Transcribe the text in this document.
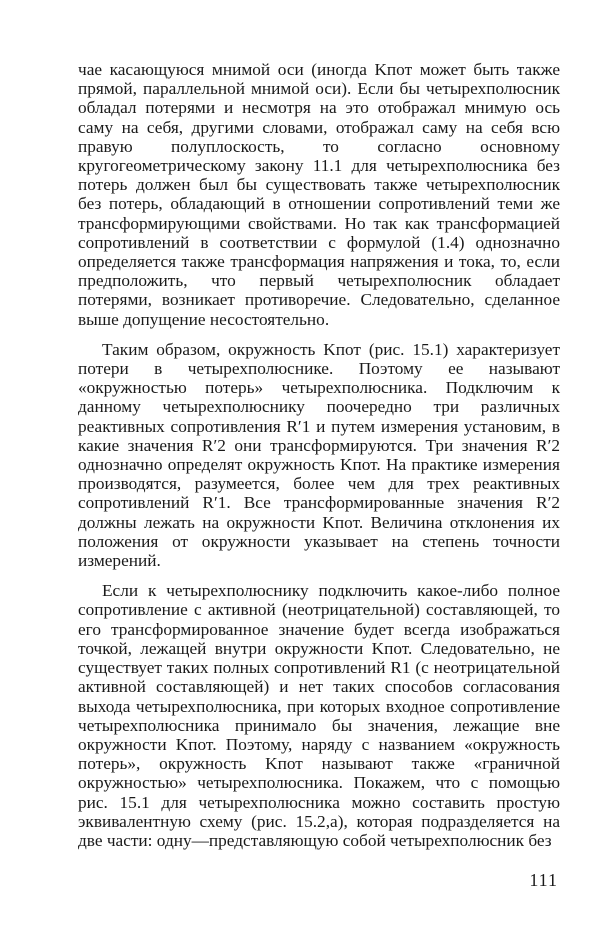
чае касающуюся мнимой оси (иногда Kпот может быть также прямой, параллельной мнимой оси). Если бы четырехполюсник обладал потерями и несмотря на это отображал мнимую ось саму на себя, другими словами, отображал саму на себя всю правую полуплоскость, то согласно основному кругогеометрическому закону 11.1 для четырехполюсника без потерь должен был бы существовать также четырехполюсник без потерь, обладающий в отношении сопротивлений теми же трансформирующими свойствами. Но так как трансформацией сопротивлений в соответствии с формулой (1.4) однозначно определяется также трансформация напряжения и тока, то, если предположить, что первый четырехполюсник обладает потерями, возникает противоречие. Следовательно, сделанное выше допущение несостоятельно.

Таким образом, окружность Kпот (рис. 15.1) характеризует потери в четырехполюснике. Поэтому ее называют «окружностью потерь» четырехполюсника. Подключим к данному четырехполюснику поочередно три различных реактивных сопротивления R′1 и путем измерения установим, в какие значения R′2 они трансформируются. Три значения R′2 однозначно определят окружность Kпот. На практике измерения производятся, разумеется, более чем для трех реактивных сопротивлений R′1. Все трансформированные значения R′2 должны лежать на окружности Kпот. Величина отклонения их положения от окружности указывает на степень точности измерений.

Если к четырехполюснику подключить какое-либо полное сопротивление с активной (неотрицательной) составляющей, то его трансформированное значение будет всегда изображаться точкой, лежащей внутри окружности Kпот. Следовательно, не существует таких полных сопротивлений R1 (с неотрицательной активной составляющей) и нет таких способов согласования выхода четырехполюсника, при которых входное сопротивление четырехполюсника принимало бы значения, лежащие вне окружности Kпот. Поэтому, наряду с названием «окружность потерь», окружность Kпот называют также «граничной окружностью» четырехполюсника. Покажем, что с помощью рис. 15.1 для четырехполюсника можно составить простую эквивалентную схему (рис. 15.2,а), которая подразделяется на две части: одну—представляющую собой четырехполюсник без

111
